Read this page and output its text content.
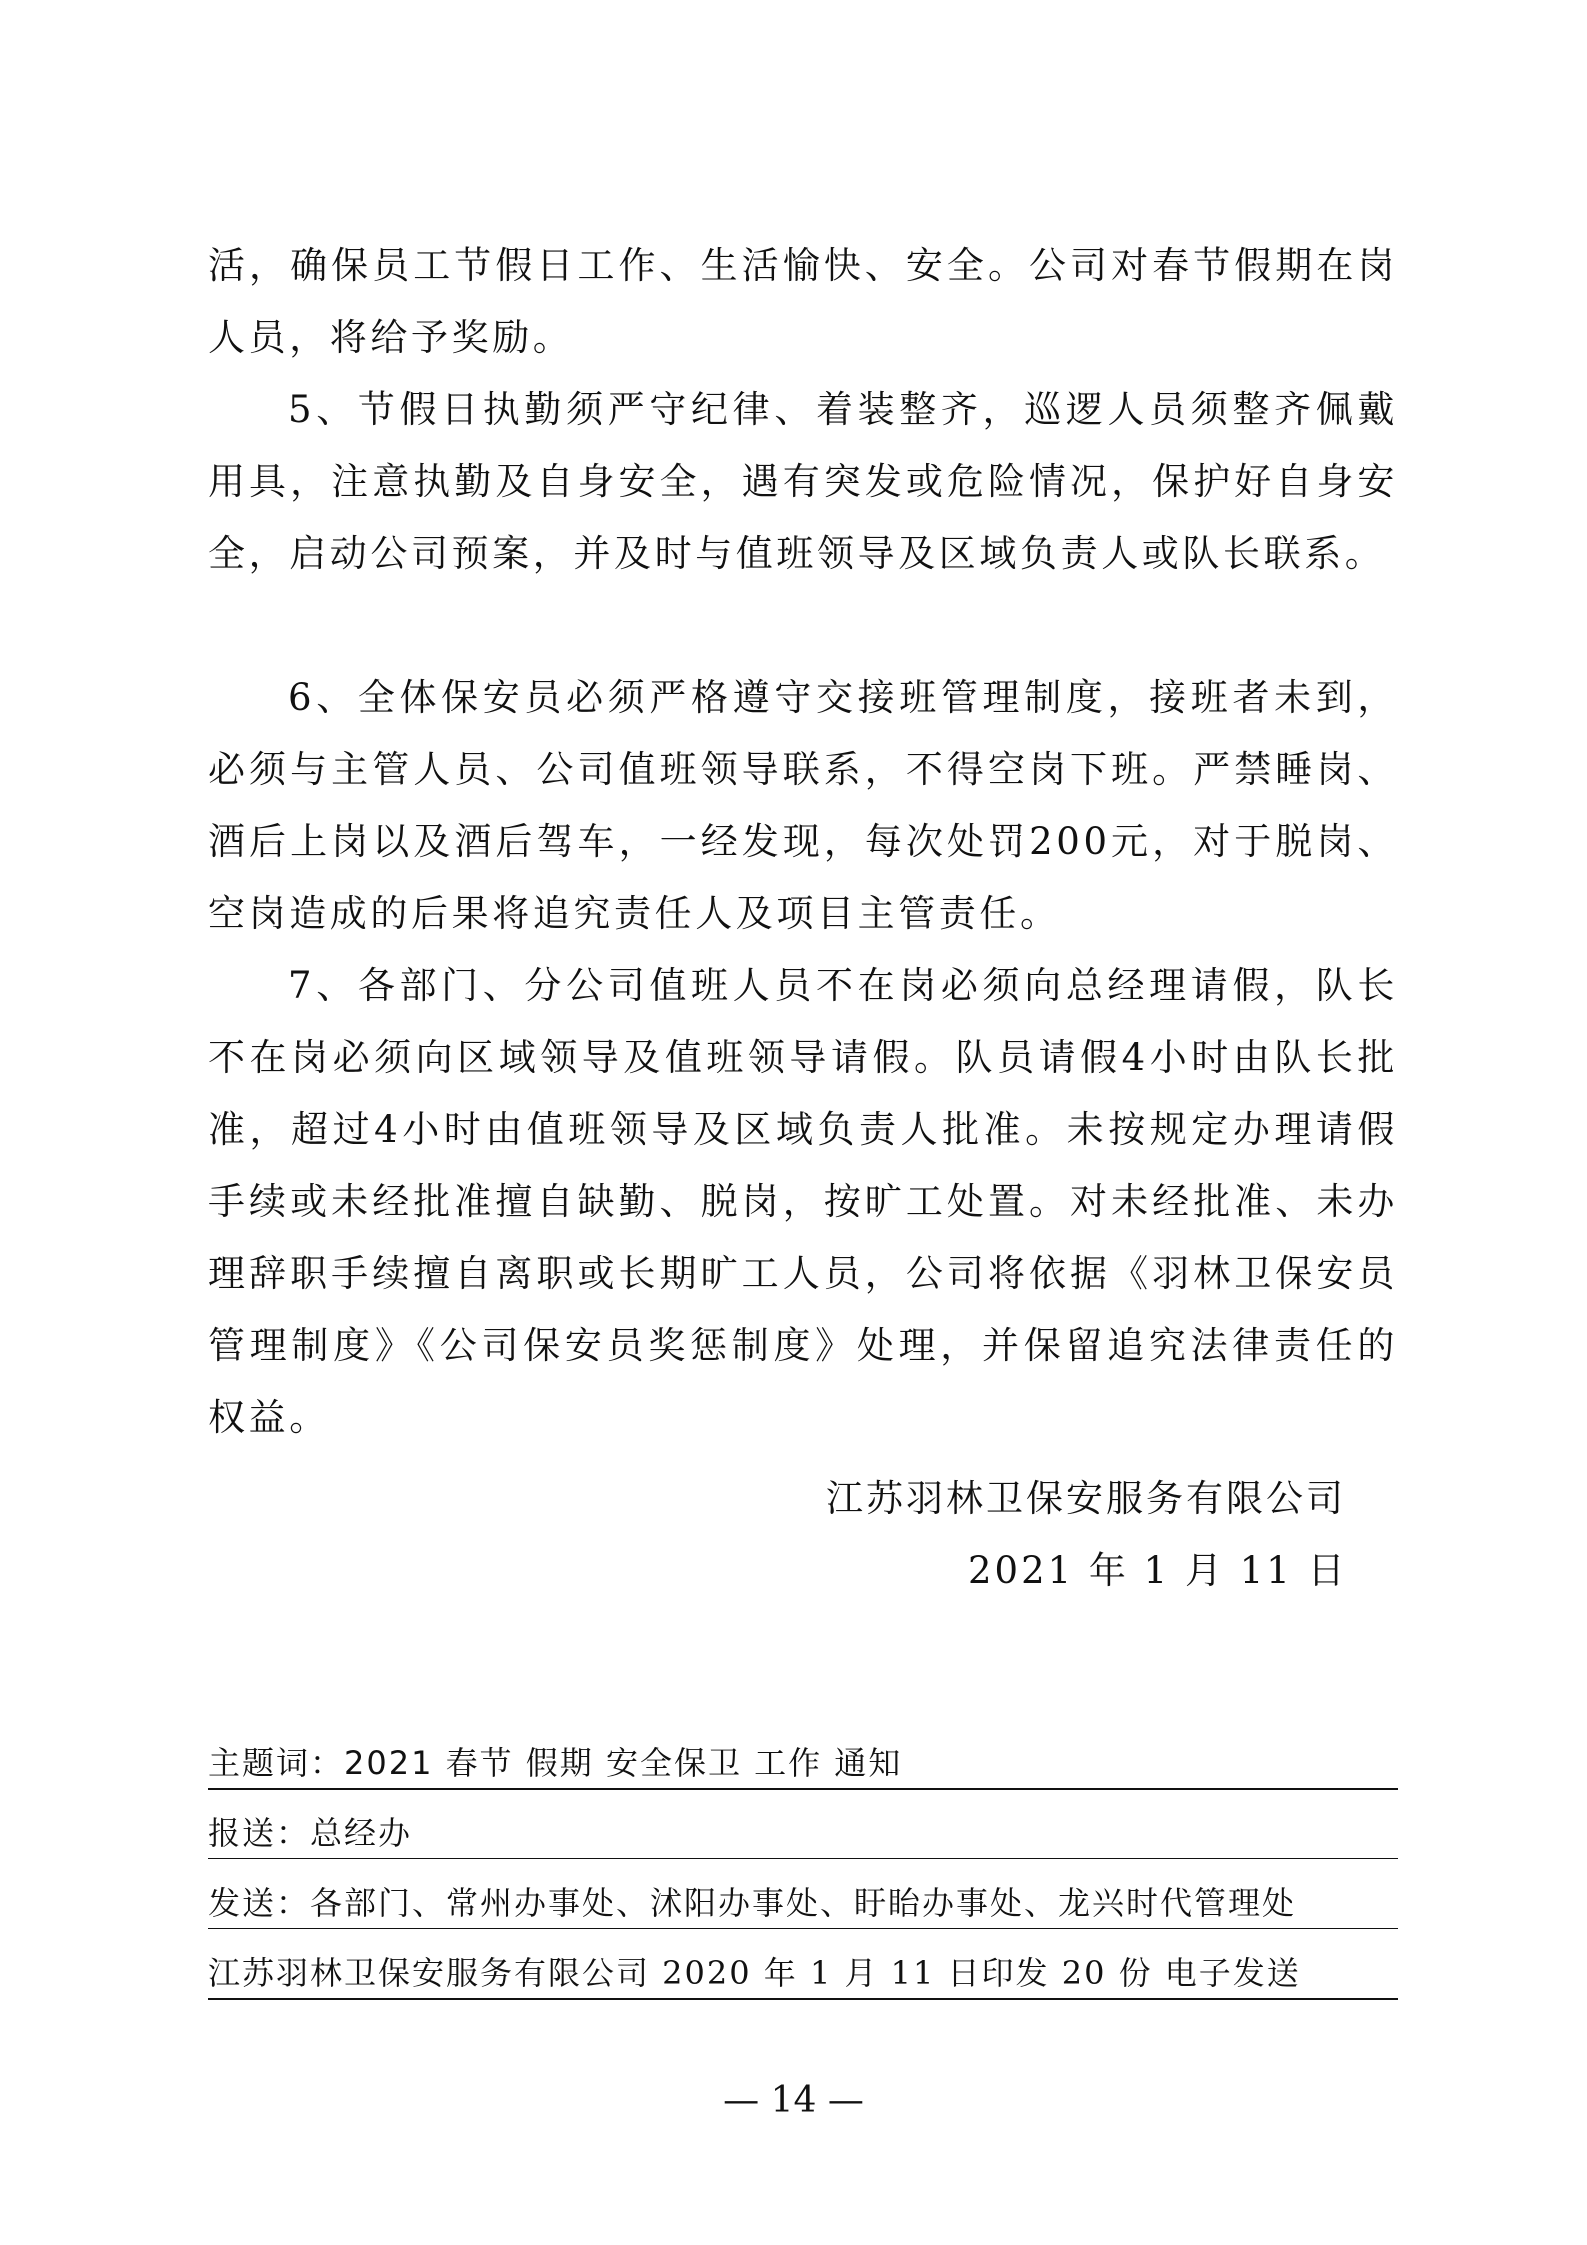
活，确保员工节假日工作、生活愉快、安全。公司对春节假期在岗人员，将给予奖励。

5、节假日执勤须严守纪律、着装整齐，巡逻人员须整齐佩戴用具，注意执勤及自身安全，遇有突发或危险情况，保护好自身安全，启动公司预案，并及时与值班领导及区域负责人或队长联系。

6、全体保安员必须严格遵守交接班管理制度，接班者未到，必须与主管人员、公司值班领导联系，不得空岗下班。严禁睡岗、酒后上岗以及酒后驾车，一经发现，每次处罚200元，对于脱岗、空岗造成的后果将追究责任人及项目主管责任。

7、各部门、分公司值班人员不在岗必须向总经理请假，队长不在岗必须向区域领导及值班领导请假。队员请假4小时由队长批准，超过4小时由值班领导及区域负责人批准。未按规定办理请假手续或未经批准擅自缺勤、脱岗，按旷工处置。对未经批准、未办理辞职手续擅自离职或长期旷工人员，公司将依据《羽林卫保安员管理制度》《公司保安员奖惩制度》处理，并保留追究法律责任的权益。

江苏羽林卫保安服务有限公司
2021 年 1 月 11 日
主题词：2021 春节 假期 安全保卫 工作 通知
报送：总经办
发送：各部门、常州办事处、沭阳办事处、盱眙办事处、龙兴时代管理处
江苏羽林卫保安服务有限公司 2020 年 1 月 11 日印发 20 份 电子发送
— 14 —
